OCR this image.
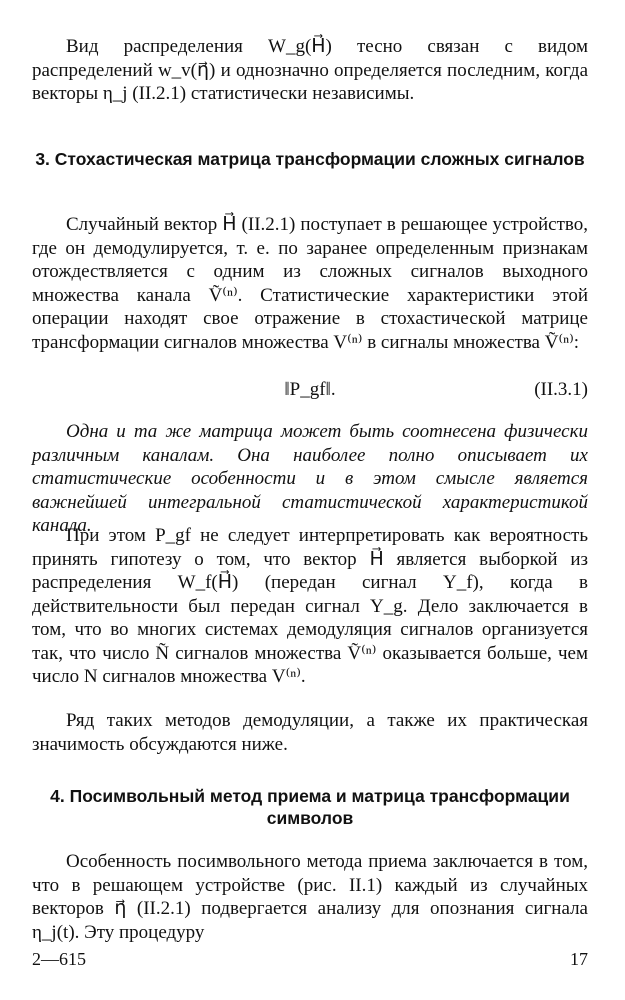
Вид распределения W_g(H⃗) тесно связан с видом распределений w_v(η⃗) и однозначно определяется последним, когда векторы η_j (II.2.1) статистически независимы.

3. Стохастическая матрица трансформации сложных сигналов

Случайный вектор H⃗ (II.2.1) поступает в решающее устройство, где он демодулируется, т. е. по заранее определенным признакам отождествляется с одним из сложных сигналов выходного множества канала Ṽ⁽ⁿ⁾. Статистические характеристики этой операции находят свое отражение в стохастической матрице трансформации сигналов множества V⁽ⁿ⁾ в сигналы множества Ṽ⁽ⁿ⁾:

‖P_gf‖.	(II.3.1)

Одна и та же матрица может быть соотнесена физически различным каналам. Она наиболее полно описывает их статистические особенности и в этом смысле является важнейшей интегральной статистической характеристикой канала.

При этом P_gf не следует интерпретировать как вероятность принять гипотезу о том, что вектор H⃗ является выборкой из распределения W_f(H⃗) (передан сигнал Y_f), когда в действительности был передан сигнал Y_g. Дело заключается в том, что во многих системах демодуляция сигналов организуется так, что число Ñ сигналов множества Ṽ⁽ⁿ⁾ оказывается больше, чем число N сигналов множества V⁽ⁿ⁾.

Ряд таких методов демодуляции, а также их практическая значимость обсуждаются ниже.

4. Посимвольный метод приема и матрица трансформации символов

Особенность посимвольного метода приема заключается в том, что в решающем устройстве (рис. II.1) каждый из случайных векторов η⃗ (II.2.1) подвергается анализу для опознания сигнала η_j(t). Эту процедуру

2—615	17
